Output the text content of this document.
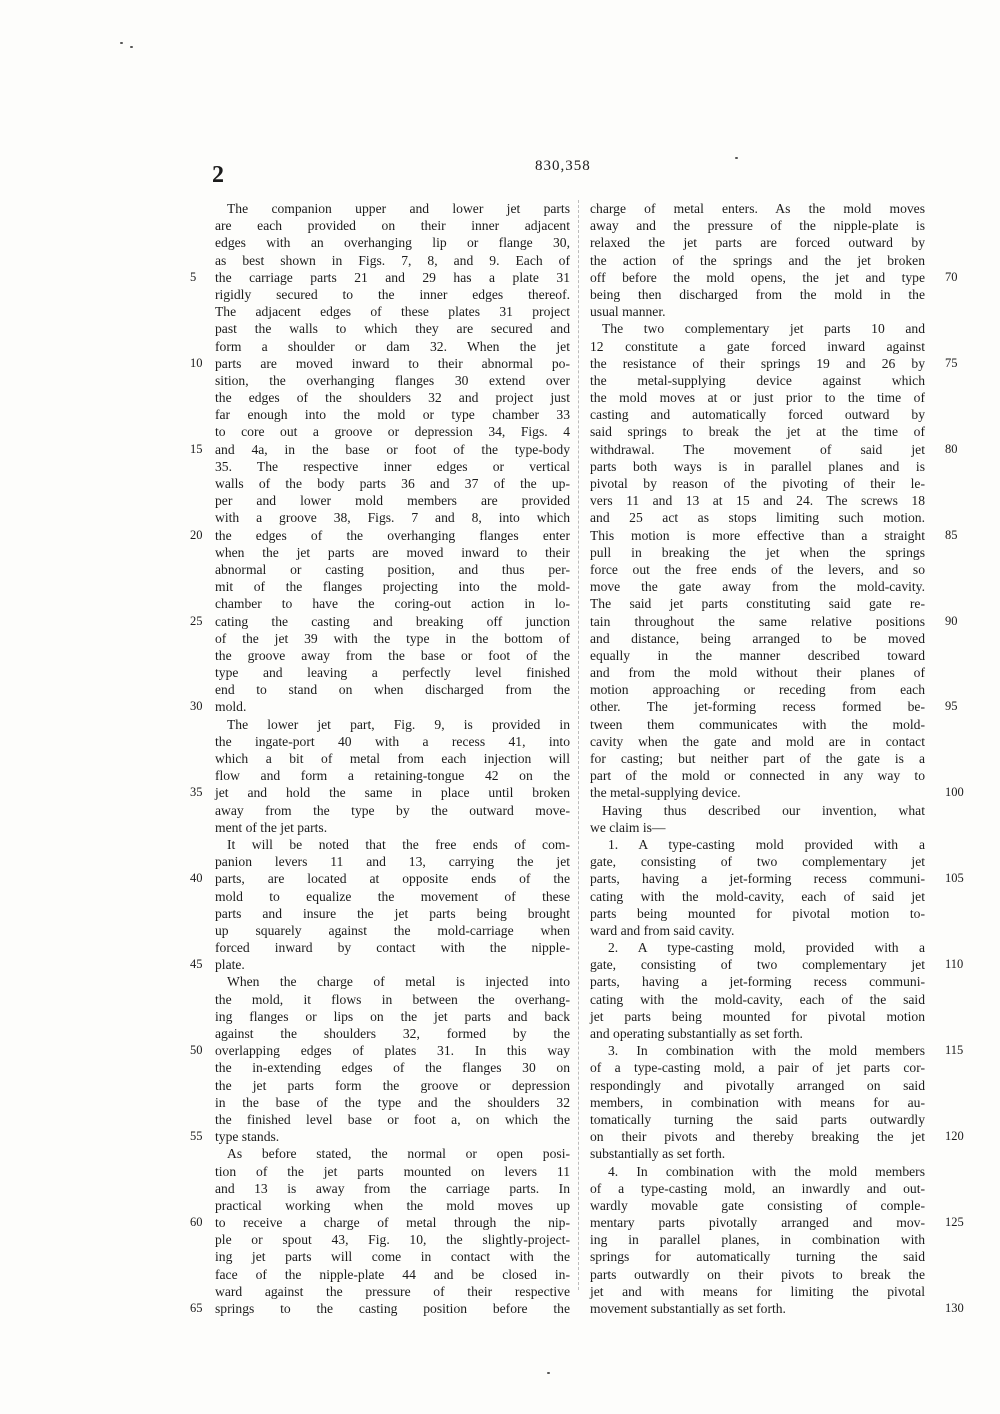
2	830,358
The companion upper and lower jet parts
are each provided on their inner adjacent
edges with an overhanging lip or flange 30,
as best shown in Figs. 7, 8, and 9. Each of
the carriage parts 21 and 29 has a plate 31
5
rigidly secured to the inner edges thereof.
The adjacent edges of these plates 31 project
past the walls to which they are secured and
form a shoulder or dam 32. When the jet
parts are moved inward to their abnormal po-
10
sition, the overhanging flanges 30 extend over
the edges of the shoulders 32 and project just
far enough into the mold or type chamber 33
to core out a groove or depression 34, Figs. 4
and 4a, in the base or foot of the type-body
15
35. The respective inner edges or vertical
walls of the body parts 36 and 37 of the up-
per and lower mold members are provided
with a groove 38, Figs. 7 and 8, into which
the edges of the overhanging flanges enter
20
when the jet parts are moved inward to their
abnormal or casting position, and thus per-
mit of the flanges projecting into the mold-
chamber to have the coring-out action in lo-
cating the casting and breaking off junction
25
of the jet 39 with the type in the bottom of
the groove away from the base or foot of the
type and leaving a perfectly level finished
end to stand on when discharged from the
mold.
30
The lower jet part, Fig. 9, is provided in
the ingate-port 40 with a recess 41, into
which a bit of metal from each injection will
flow and form a retaining-tongue 42 on the
jet and hold the same in place until broken
35
away from the type by the outward move-
ment of the jet parts.
It will be noted that the free ends of com-
panion levers 11 and 13, carrying the jet
parts, are located at opposite ends of the
40
mold to equalize the movement of these
parts and insure the jet parts being brought
up squarely against the mold-carriage when
forced inward by contact with the nipple-
plate.
45
When the charge of metal is injected into
the mold, it flows in between the overhang-
ing flanges or lips on the jet parts and back
against the shoulders 32, formed by the
overlapping edges of plates 31. In this way
50
the in-extending edges of the flanges 30 on
the jet parts form the groove or depression
in the base of the type and the shoulders 32
the finished level base or foot a, on which the
type stands.
55
As before stated, the normal or open posi-
tion of the jet parts mounted on levers 11
and 13 is away from the carriage parts. In
practical working when the mold moves up
to receive a charge of metal through the nip-
60
ple or spout 43, Fig. 10, the slightly-project-
ing jet parts will come in contact with the
face of the nipple-plate 44 and be closed in-
ward against the pressure of their respective
springs to the casting position before the
65
charge of metal enters. As the mold moves
away and the pressure of the nipple-plate is
relaxed the jet parts are forced outward by
the action of the springs and the jet broken
off before the mold opens, the jet and type 70
being then discharged from the mold in the
usual manner.
The two complementary jet parts 10 and
12 constitute a gate forced inward against
the resistance of their springs 19 and 26 by 75
the metal-supplying device against which
the mold moves at or just prior to the time of
casting and automatically forced outward by
said springs to break the jet at the time of
withdrawal. The movement of said jet 80
parts both ways is in parallel planes and is
pivotal by reason of the pivoting of their le-
vers 11 and 13 at 15 and 24. The screws 18
and 25 act as stops limiting such motion.
This motion is more effective than a straight 85
pull in breaking the jet when the springs
force out the free ends of the levers, and so
move the gate away from the mold-cavity.
The said jet parts constituting said gate re-
tain throughout the same relative positions 90
and distance, being arranged to be moved
equally in the manner described toward
and from the mold without their planes of
motion approaching or receding from each
other. The jet-forming recess formed be- 95
tween them communicates with the mold-
cavity when the gate and mold are in contact
for casting; but neither part of the gate is a
part of the mold or connected in any way to
the metal-supplying device.	100
Having thus described our invention, what
we claim is—
1. A type-casting mold provided with a
gate, consisting of two complementary jet
parts, having a jet-forming recess communi- 105
cating with the mold-cavity, each of said jet
parts being mounted for pivotal motion to-
ward and from said cavity.
2. A type-casting mold, provided with a
gate, consisting of two complementary jet 110
parts, having a jet-forming recess communi-
cating with the mold-cavity, each of the said
jet parts being mounted for pivotal motion
and operating substantially as set forth.
3. In combination with the mold members 115
of a type-casting mold, a pair of jet parts cor-
respondingly and pivotally arranged on said
members, in combination with means for au-
tomatically turning the said parts outwardly
on their pivots and thereby breaking the jet 120
substantially as set forth.
4. In combination with the mold members
of a type-casting mold, an inwardly and out-
wardly movable gate consisting of comple-
mentary parts pivotally arranged and mov- 125
ing in parallel planes, in combination with
springs for automatically turning the said
parts outwardly on their pivots to break the
jet and with means for limiting the pivotal
movement substantially as set forth.	130
